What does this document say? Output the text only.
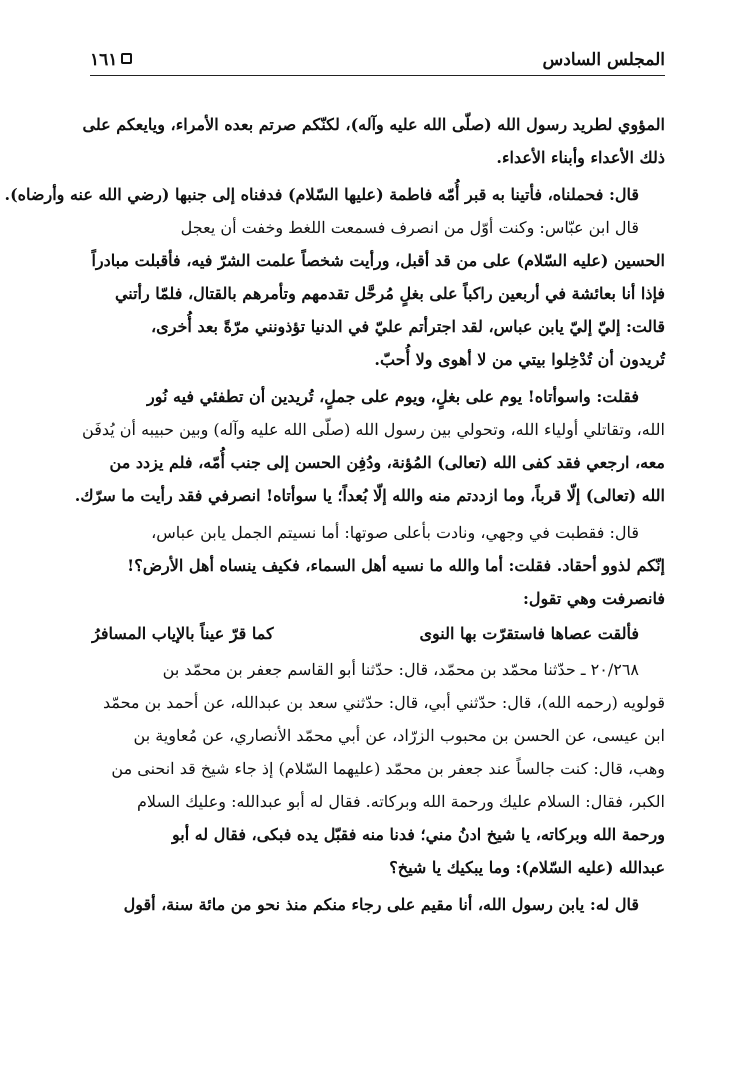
المجلس السادس
١٦١
المؤوي لطريد رسول الله (صلّى الله عليه وآله)، لكنّكم صرتم بعده الأمراء، ويايعكم على
ذلك الأعداء وأبناء الأعداء.
قال: فحملناه، فأتينا به قبر أُمّه فاطمة (عليها السّلام) فدفناه إلى جنبها (رضي الله عنه وأرضاه).
قال ابن عبّاس: وكنت أوّل من انصرف فسمعت اللغط وخفت أن يعجل
الحسين (عليه السّلام) على من قد أقبل، ورأيت شخصاً علمت الشرّ فيه، فأقبلت مبادراً
فإذا أنا بعائشة في أربعين راكباً على بغلٍ مُرحَّل تقدمهم وتأمرهم بالقتال، فلمّا رأتني
قالت: إليّ إليّ يابن عباس، لقد اجترأتم عليّ في الدنيا تؤذونني مرّةً بعد أُخرى،
تُريدون أن تُدْخِلوا بيتي من لا أهوى ولا أُحبّ.
فقلت: واسوأتاه! يوم على بغلٍ، ويوم على جملٍ، تُريدين أن تطفئي فيه نُور
الله، وتقاتلي أولياء الله، وتحولي بين رسول الله (صلّى الله عليه وآله) وبين حبيبه أن يُدفَن
معه، ارجعي فقد كفى الله (تعالى) المُؤنة، ودُفِن الحسن إلى جنب أُمّه، فلم يزدد من
الله (تعالى) إلّا قرباً، وما ازددتم منه والله إلّا بُعداً؛ يا سوأتاه! انصرفي فقد رأيت ما سرّك.
قال: فقطبت في وجهي، ونادت بأعلى صوتها: أما نسيتم الجمل يابن عباس،
إنّكم لذوو أحقاد. فقلت: أما والله ما نسيه أهل السماء، فكيف ينساه أهل الأرض؟!
فانصرفت وهي تقول:
فألقت عصاها فاستقرّت بها النوى
كما قرّ عيناً بالإياب المسافرُ
٢٠/٢٦٨ ـ حدّثنا محمّد بن محمّد، قال: حدّثنا أبو القاسم جعفر بن محمّد بن
قولويه (رحمه الله)، قال: حدّثني أبي، قال: حدّثني سعد بن عبدالله، عن أحمد بن محمّد
ابن عيسى، عن الحسن بن محبوب الزرّاد، عن أبي محمّد الأنصاري، عن مُعاوية بن
وهب، قال: كنت جالساً عند جعفر بن محمّد (عليهما السّلام) إذ جاء شيخ قد انحنى من
الكبر، فقال: السلام عليك ورحمة الله وبركاته. فقال له أبو عبدالله: وعليك السلام
ورحمة الله وبركاته، يا شيخ ادنُ مني؛ فدنا منه فقبّل يده فبكى، فقال له أبو
عبدالله (عليه السّلام): وما يبكيك يا شيخ؟
قال له: يابن رسول الله، أنا مقيم على رجاء منكم منذ نحو من مائة سنة، أقول
